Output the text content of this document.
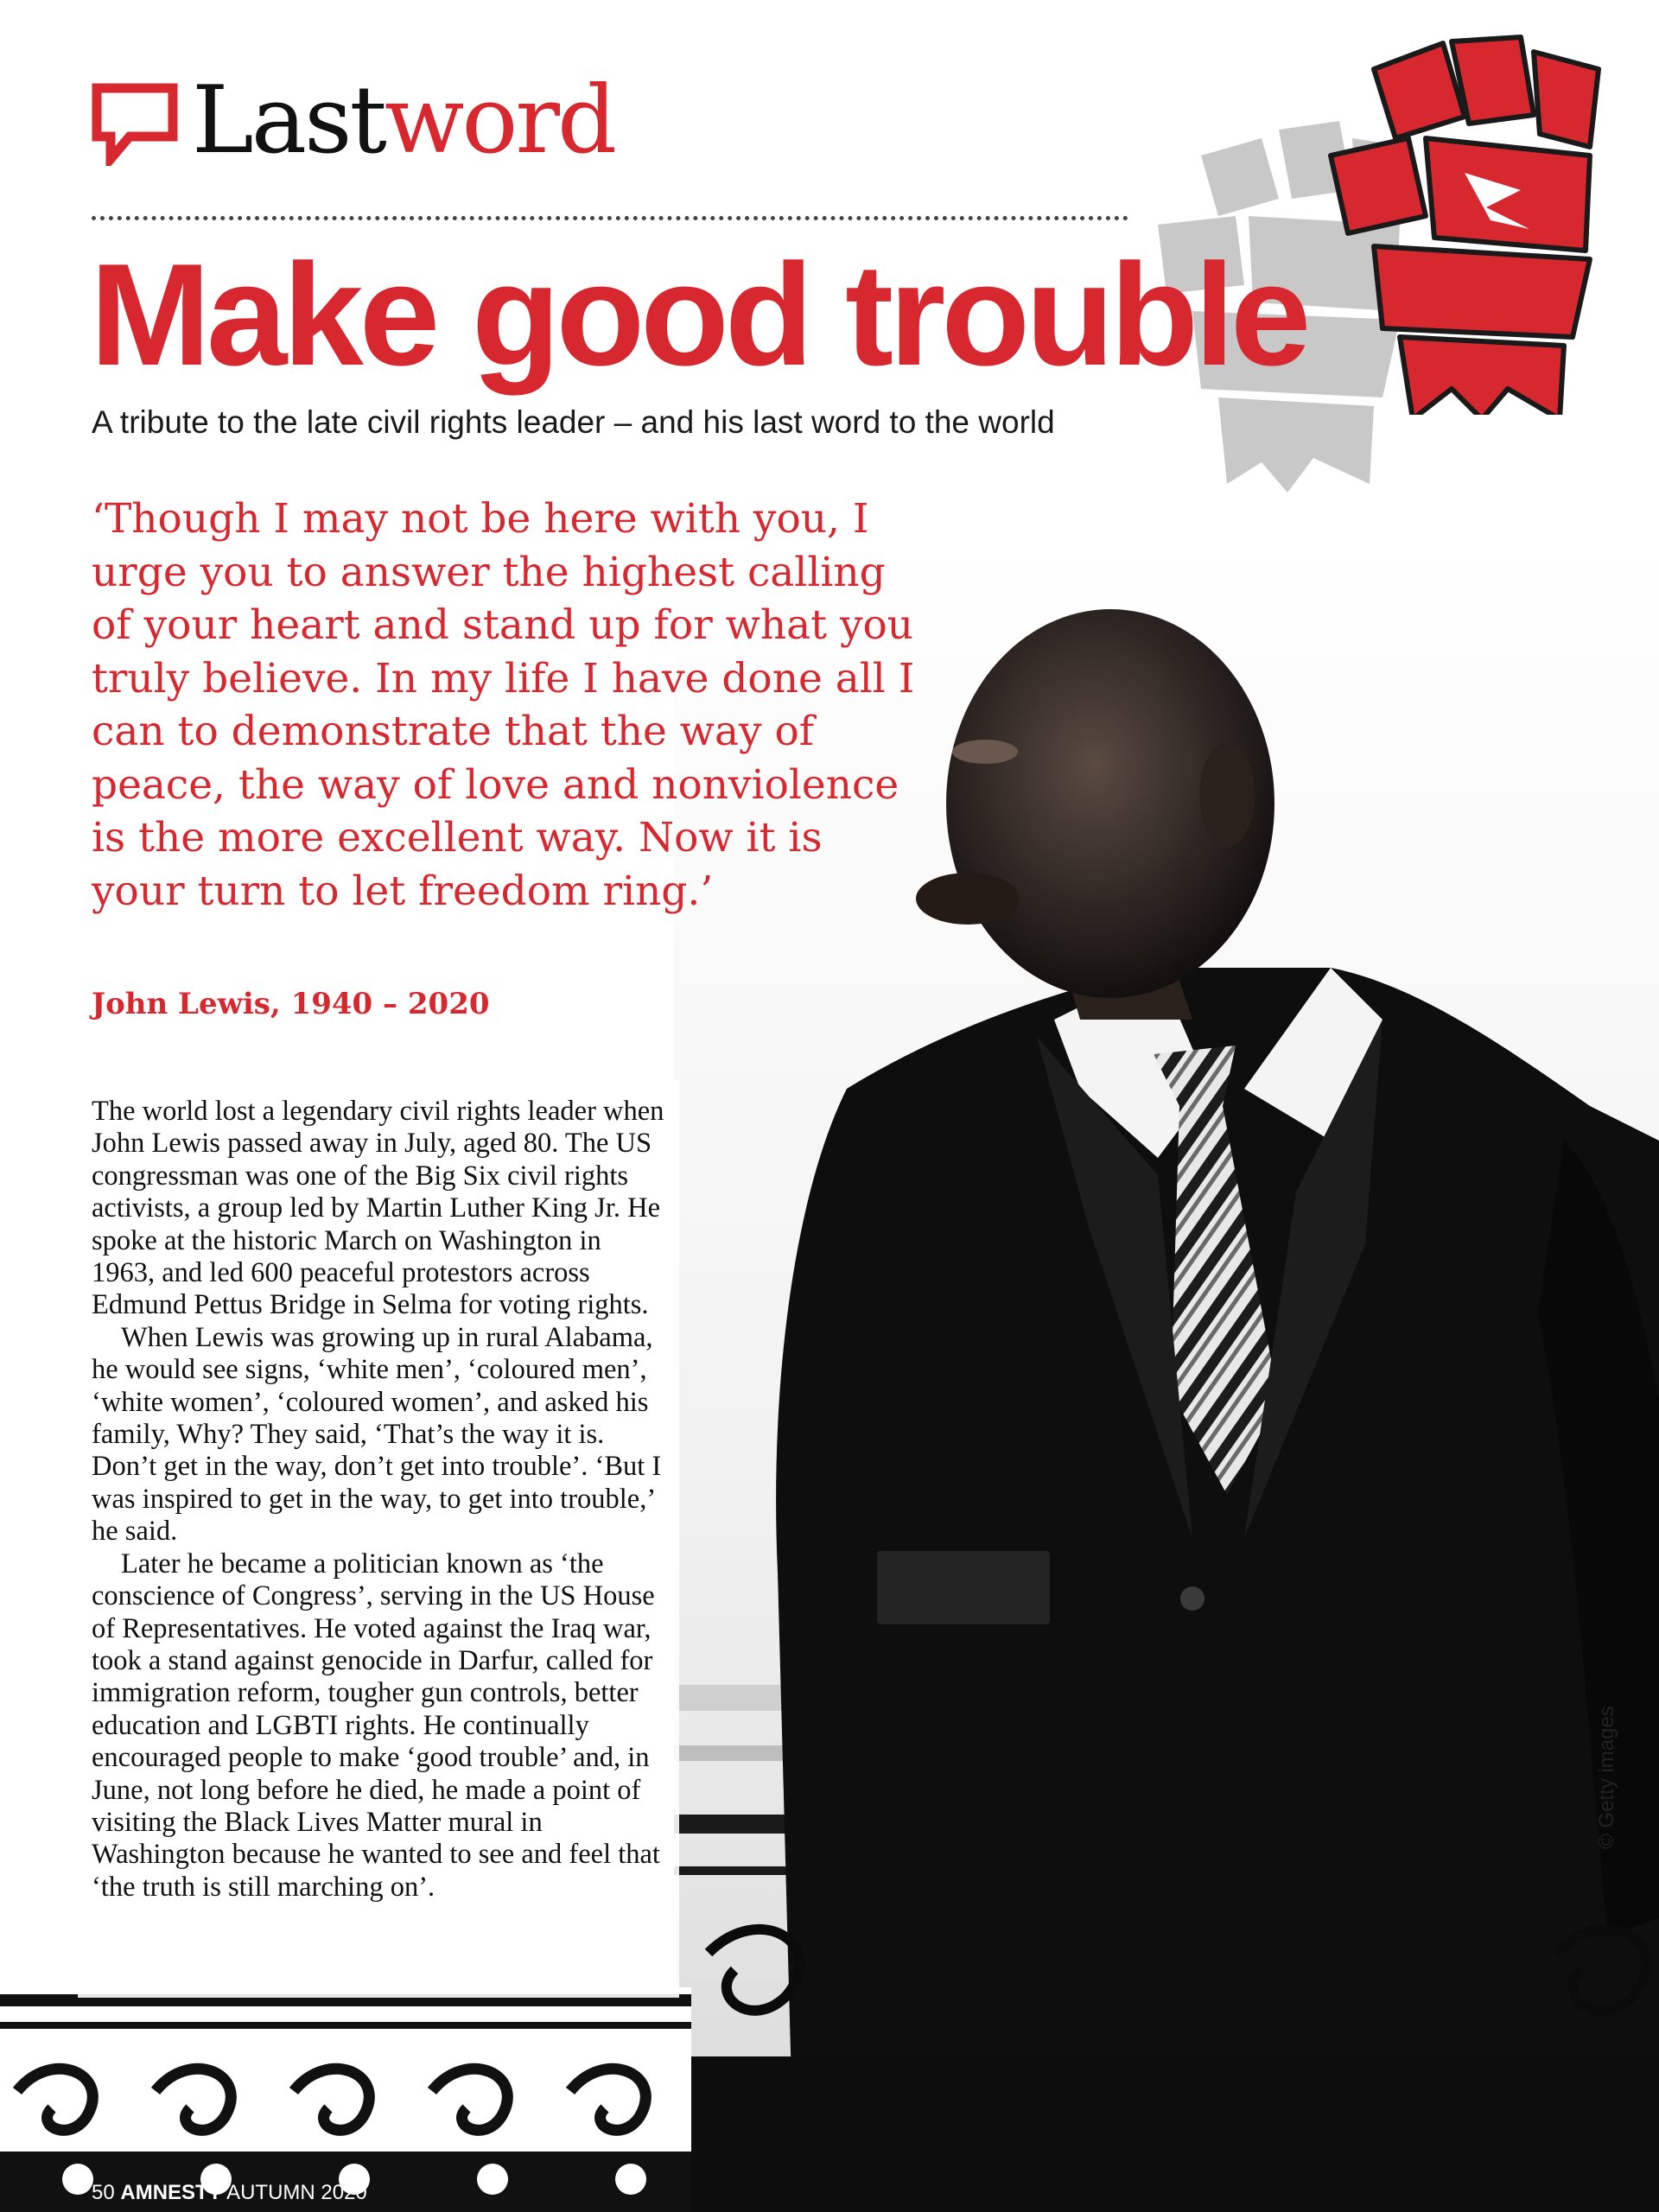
Lastword
Make good trouble
A tribute to the late civil rights leader – and his last word to the world

‘Though I may not be here with you, I urge you to answer the highest calling of your heart and stand up for what you truly believe. In my life I have done all I can to demonstrate that the way of peace, the way of love and nonviolence is the more excellent way. Now it is your turn to let freedom ring.’

John Lewis, 1940 – 2020

The world lost a legendary civil rights leader when John Lewis passed away in July, aged 80. The US congressman was one of the Big Six civil rights activists, a group led by Martin Luther King Jr. He spoke at the historic March on Washington in 1963, and led 600 peaceful protestors across Edmund Pettus Bridge in Selma for voting rights.

When Lewis was growing up in rural Alabama, he would see signs, ‘white men’, ‘coloured men’, ‘white women’, ‘coloured women’, and asked his family, Why? They said, ‘That’s the way it is. Don’t get in the way, don’t get into trouble’. ‘But I was inspired to get in the way, to get into trouble,’ he said.

Later he became a politician known as ‘the conscience of Congress’, serving in the US House of Representatives. He voted against the Iraq war, took a stand against genocide in Darfur, called for immigration reform, tougher gun controls, better education and LGBTI rights. He continually encouraged people to make ‘good trouble’ and, in June, not long before he died, he made a point of visiting the Black Lives Matter mural in Washington because he wanted to see and feel that ‘the truth is still marching on’.

© Getty images
50 AMNESTY AUTUMN 2020
